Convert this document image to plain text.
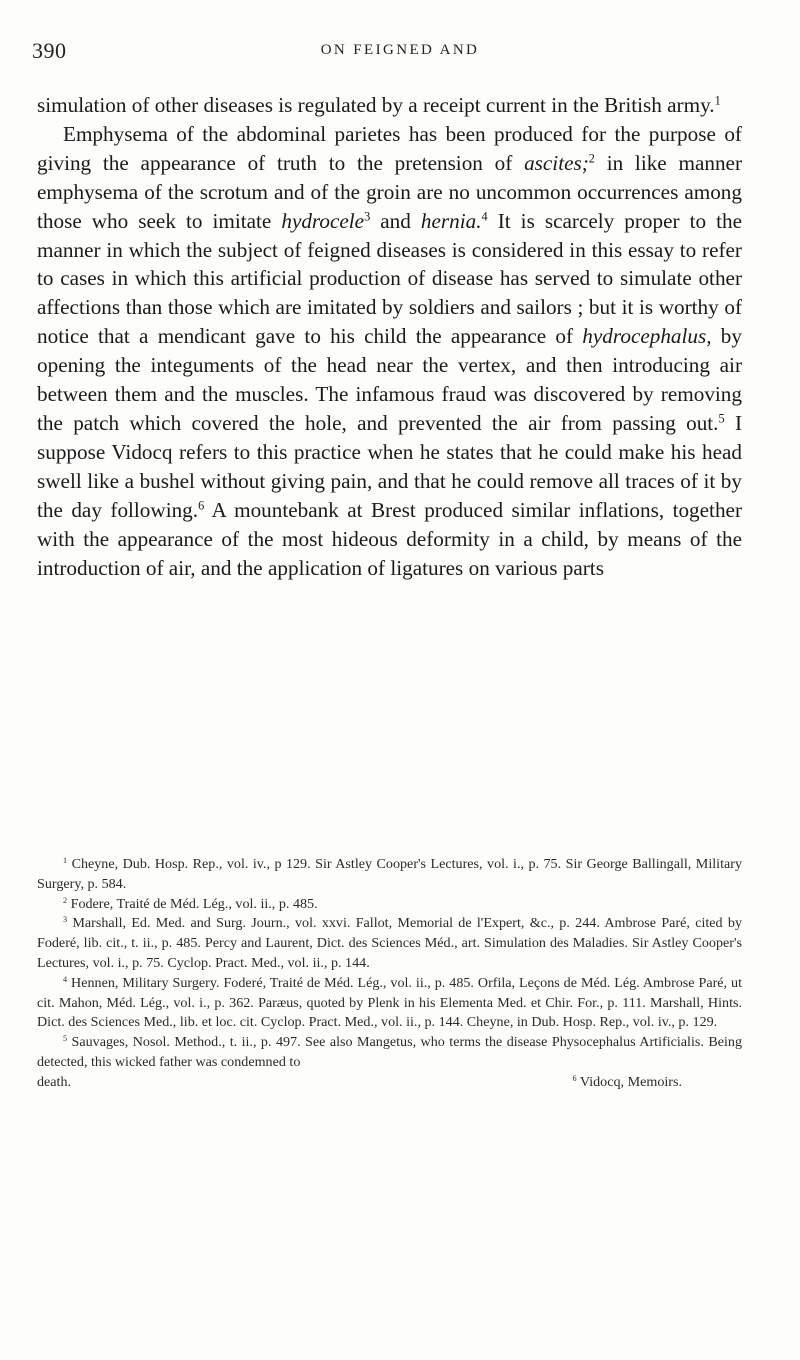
390	ON FEIGNED AND

simulation of other diseases is regulated by a receipt current in the British army.$^1$

Emphysema of the abdominal parietes has been produced for the purpose of giving the appearance of truth to the pretension of ascites;$^2$ in like manner emphysema of the scrotum and of the groin are no uncommon occurrences among those who seek to imitate hydrocele$^3$ and hernia.$^4$ It is scarcely proper to the manner in which the subject of feigned diseases is considered in this essay to refer to cases in which this artificial production of disease has served to simulate other affections than those which are imitated by soldiers and sailors ; but it is worthy of notice that a mendicant gave to his child the appearance of hydrocephalus, by opening the integuments of the head near the vertex, and then introducing air between them and the muscles. The infamous fraud was discovered by removing the patch which covered the hole, and prevented the air from passing out.$^5$ I suppose Vidocq refers to this practice when he states that he could make his head swell like a bushel without giving pain, and that he could remove all traces of it by the day following.$^6$ A mountebank at Brest produced similar inflations, together with the appearance of the most hideous deformity in a child, by means of the introduction of air, and the application of ligatures on various parts

$^1$ Cheyne, Dub. Hosp. Rep., vol. iv., p 129. Sir Astley Cooper's Lectures, vol. i., p. 75. Sir George Ballingall, Military Surgery, p. 584.

$^2$ Fodere, Traité de Méd. Lég., vol. ii., p. 485.

$^3$ Marshall, Ed. Med. and Surg. Journ., vol. xxvi. Fallot, Memorial de l'Expert, &c., p. 244. Ambrose Paré, cited by Foderé, lib. cit., t. ii., p. 485. Percy and Laurent, Dict. des Sciences Méd., art. Simulation des Maladies. Sir Astley Cooper's Lectures, vol. i., p. 75. Cyclop. Pract. Med., vol. ii., p. 144.

$^4$ Hennen, Military Surgery. Foderé, Traité de Méd. Lég., vol. ii., p. 485. Orfila, Leçons de Méd. Lég. Ambrose Paré, ut cit. Mahon, Méd. Lég., vol. i., p. 362. Paræus, quoted by Plenk in his Elementa Med. et Chir. For., p. 111. Marshall, Hints. Dict. des Sciences Med., lib. et loc. cit. Cyclop. Pract. Med., vol. ii., p. 144. Cheyne, in Dub. Hosp. Rep., vol. iv., p. 129.

$^5$ Sauvages, Nosol. Method., t. ii., p. 497. See also Mangetus, who terms the disease Physocephalus Artificialis. Being detected, this wicked father was condemned to

death.	$^6$ Vidocq, Memoirs.
